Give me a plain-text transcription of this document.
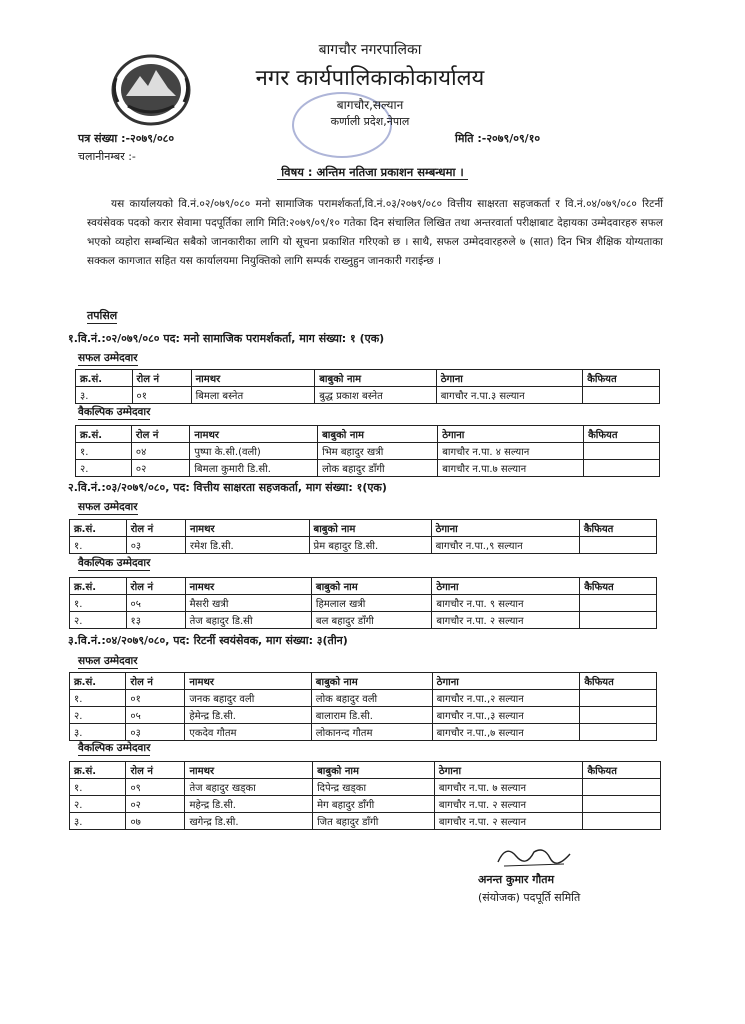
बागचौर नगरपालिका
नगर कार्यपालिकाकोकार्यालय
बागचौर,सल्यान
कर्णाली प्रदेश,नेपाल
पत्र संख्या :-२०७९/०८०
चलानीनम्बर :-
मिति :-२०७९/०९/१०
विषय : अन्तिम नतिजा प्रकाशन सम्बन्धमा ।
यस कार्यालयको वि.नं.०२/०७९/०८० मनो सामाजिक परामर्शकर्ता,वि.नं.०३/२०७९/०८० वित्तीय साक्षरता सहजकर्ता र वि.नं.०४/०७९/०८० रिटर्नी स्वयंसेवक पदको करार सेवामा पदपूर्तिका लागि मिति:२०७९/०९/१० गतेका दिन संचालित लिखित तथा अन्तरवार्ता परीक्षाबाट देहायका उम्मेदवारहरु सफल भएको व्यहोरा सम्बन्धित सबैको जानकारीका लागि यो सूचना प्रकाशित गरिएको छ । साथै, सफल उम्मेदवारहरुले ७ (सात) दिन भित्र शैक्षिक योग्यताका सक्कल कागजात सहित यस कार्यालयमा नियुक्तिको लागि सम्पर्क राख्नुहुन जानकारी गराईन्छ ।
तपसिल
१.वि.नं.:०२/०७९/०८० पद: मनो सामाजिक परामर्शकर्ता, माग संख्या: १ (एक)
सफल उम्मेदवार
क्र.सं.	रोल नं	नामथर	बाबुको नाम	ठेगाना	कैफियत
३.	०१	बिमला बस्नेत	बुद्ध प्रकाश बस्नेत	बागचौर न.पा.३ सल्यान	
वैकल्पिक उम्मेदवार
क्र.सं.	रोल नं	नामथर	बाबुको नाम	ठेगाना	कैफियत
१.	०४	पुष्पा के.सी.(वली)	भिम बहादुर खत्री	बागचौर न.पा. ४ सल्यान	
२.	०२	बिमला कुमारी डि.सी.	लोक बहादुर डाँगी	बागचौर न.पा.७ सल्यान	
२.वि.नं.:०३/२०७९/०८०, पद: वित्तीय साक्षरता सहजकर्ता, माग संख्या: १(एक)
सफल उम्मेदवार
क्र.सं.	रोल नं	नामथर	बाबुको नाम	ठेगाना	कैफियत
१.	०३	रमेश डि.सी.	प्रेम बहादुर डि.सी.	बागचौर न.पा.,९ सल्यान	
वैकल्पिक उम्मेदवार
क्र.सं.	रोल नं	नामथर	बाबुको नाम	ठेगाना	कैफियत
१.	०५	मैसरी खत्री	हिमलाल खत्री	बागचौर न.पा. ९ सल्यान	
२.	१३	तेज बहादुर डि.सी	बल बहादुर डाँगी	बागचौर न.पा. २ सल्यान	
३.वि.नं.:०४/२०७९/०८०, पद: रिटर्नी स्वयंसेवक, माग संख्या: ३(तीन)
सफल उम्मेदवार
क्र.सं.	रोल नं	नामथर	बाबुको नाम	ठेगाना	कैफियत
१.	०१	जनक बहादुर वली	लोक बहादुर वली	बागचौर न.पा.,२ सल्यान	
२.	०५	हेमेन्द्र डि.सी.	बालाराम डि.सी.	बागचौर न.पा.,३ सल्यान	
३.	०३	एकदेव गौतम	लोकानन्द गौतम	बागचौर न.पा.,७ सल्यान	
वैकल्पिक उम्मेदवार
क्र.सं.	रोल नं	नामथर	बाबुको नाम	ठेगाना	कैफियत
१.	०९	तेज बहादुर खड्का	दिपेन्द्र खड्का	बागचौर न.पा. ७ सल्यान	
२.	०२	महेन्द्र डि.सी.	मेग बहादुर डाँगी	बागचौर न.पा. २ सल्यान	
३.	०७	खगेन्द्र डि.सी.	जित बहादुर डाँगी	बागचौर न.पा. २ सल्यान	
अनन्त कुमार गौतम
(संयोजक) पदपूर्ति समिति
